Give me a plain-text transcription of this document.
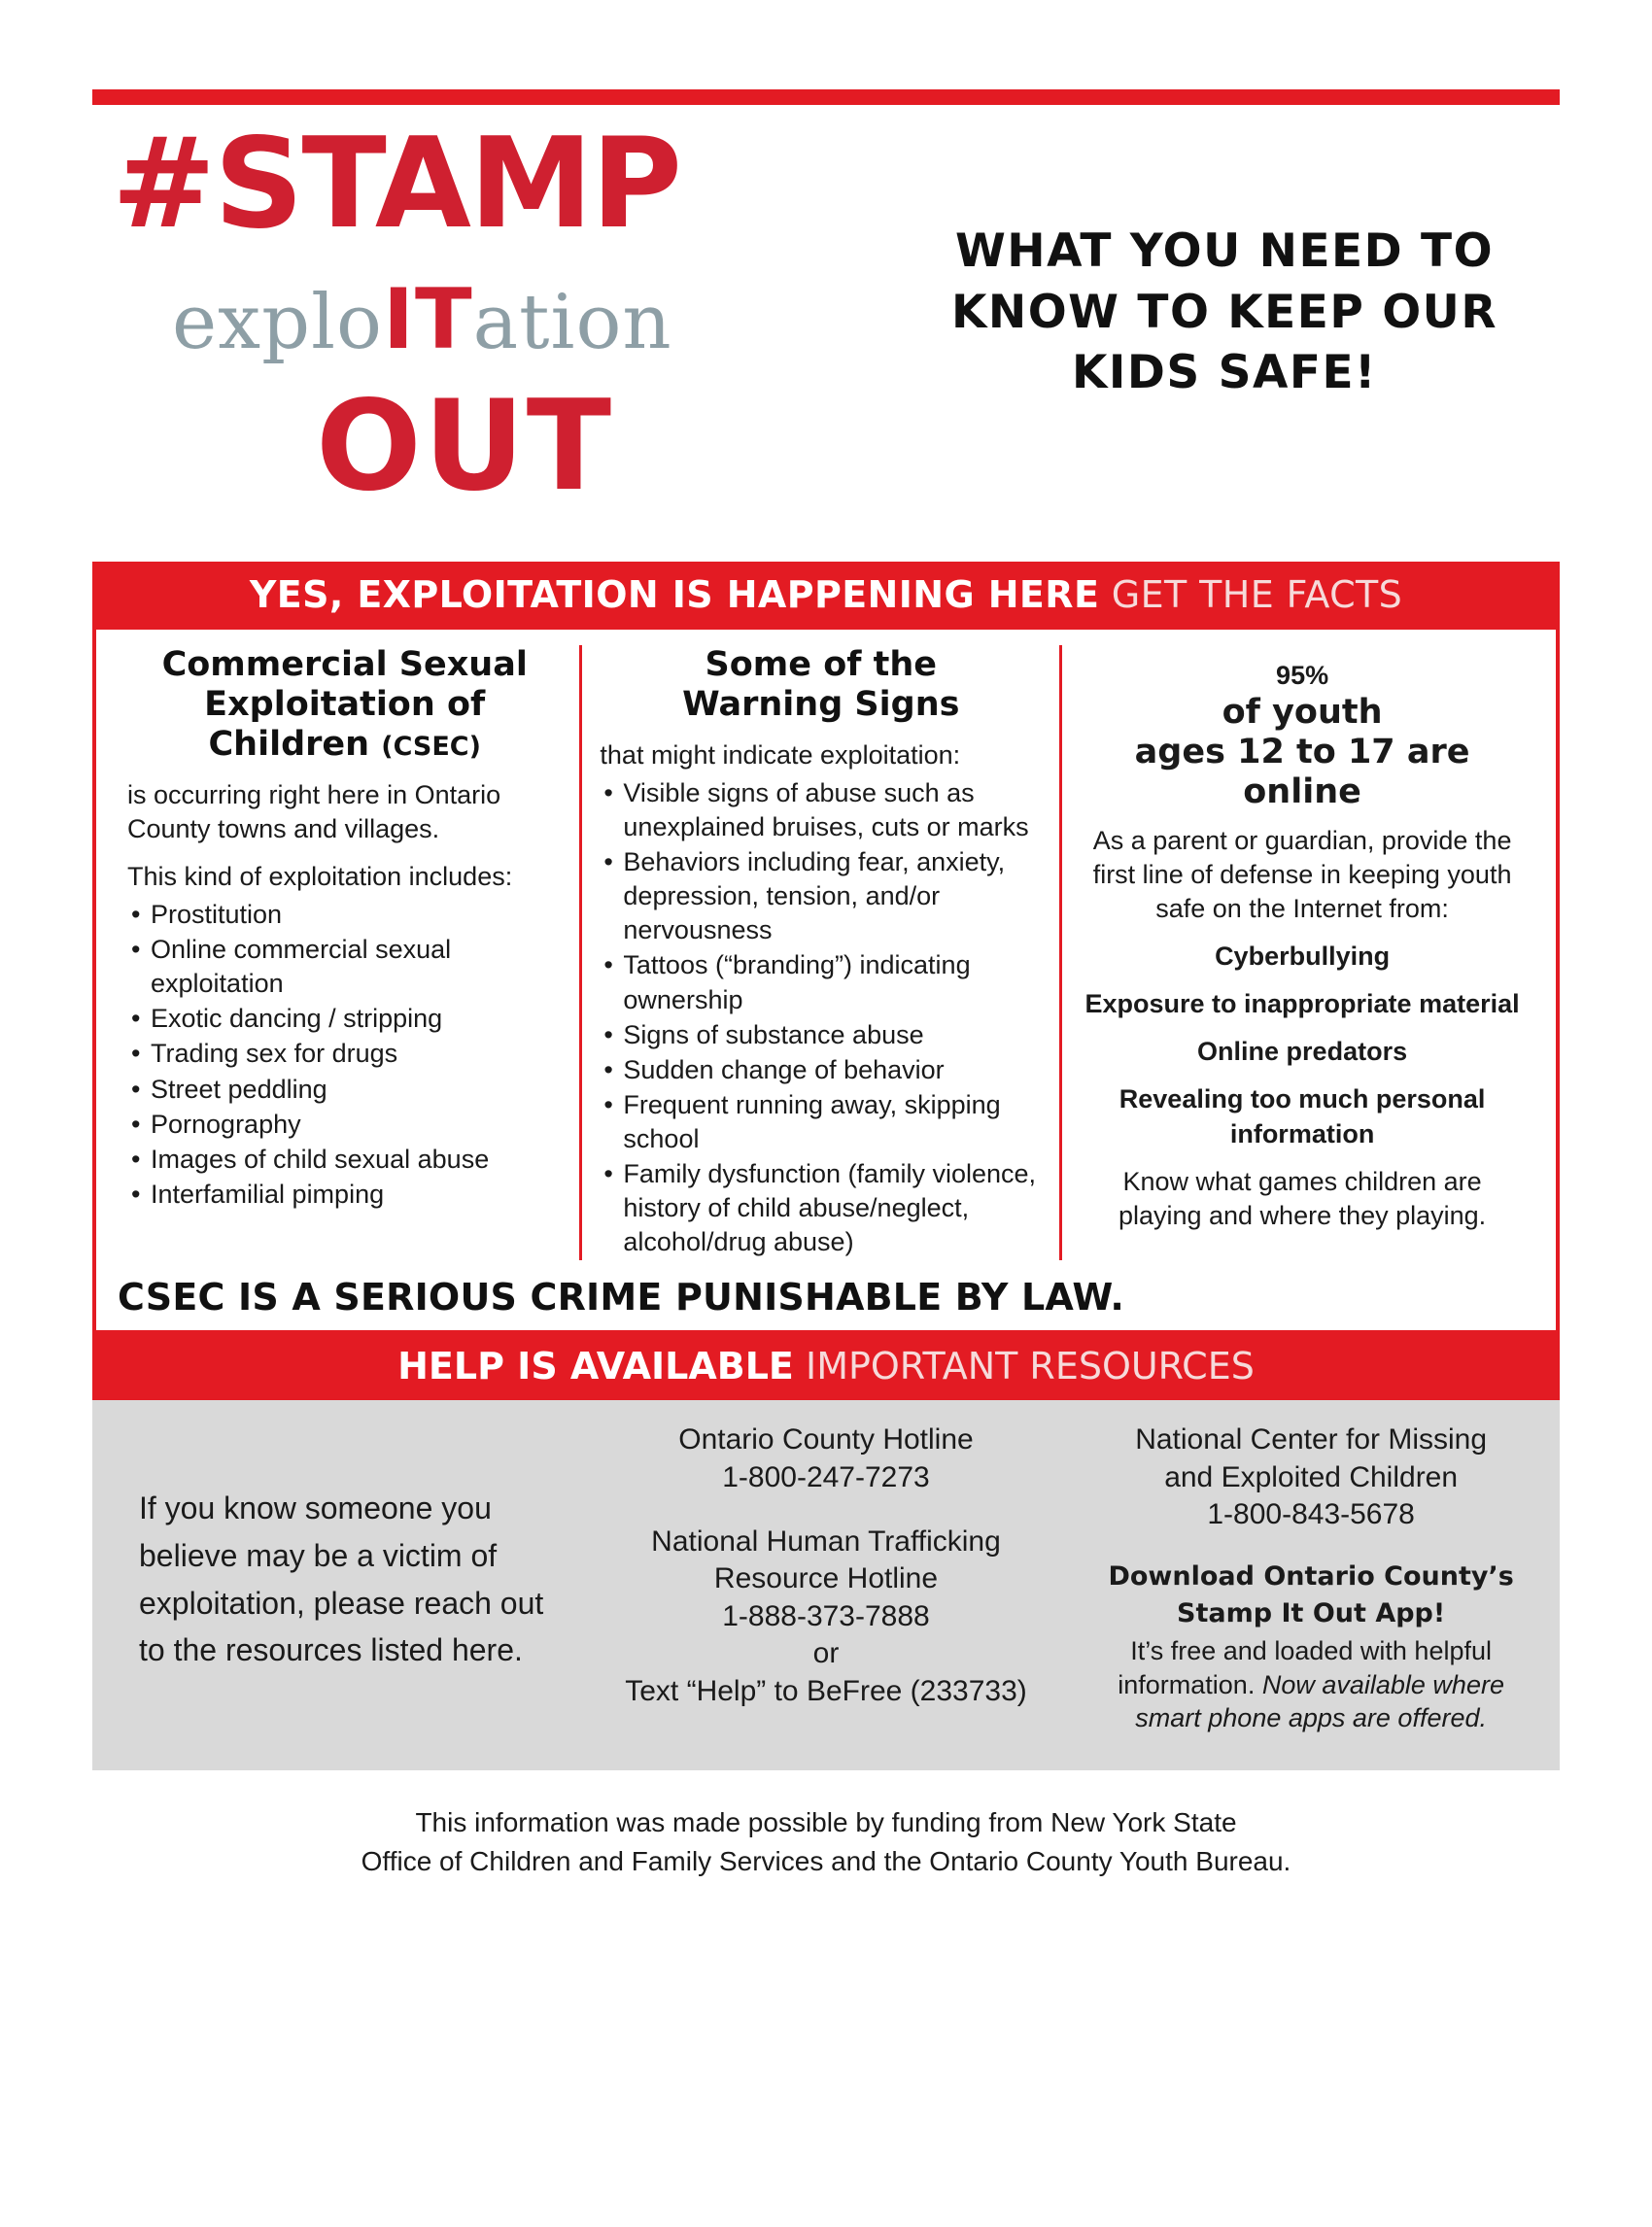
#STAMP
exploITation
OUT
WHAT YOU NEED TO KNOW TO KEEP OUR KIDS SAFE!
YES, EXPLOITATION IS HAPPENING HERE GET THE FACTS
Commercial Sexual
Exploitation of
Children (CSEC)

is occurring right here in Ontario County towns and villages.

This kind of exploitation includes:

• Prostitution
• Online commercial sexual exploitation
• Exotic dancing / stripping
• Trading sex for drugs
• Street peddling
• Pornography
• Images of child sexual abuse
• Interfamilial pimping
Some of the
Warning Signs

that might indicate exploitation:

• Visible signs of abuse such as unexplained bruises, cuts or marks
• Behaviors including fear, anxiety, depression, tension, and/or nervousness
• Tattoos (“branding”) indicating ownership
• Signs of substance abuse
• Sudden change of behavior
• Frequent running away, skipping school
• Family dysfunction (family violence, history of child abuse/neglect, alcohol/drug abuse)

95%

of youth
ages 12 to 17 are
online

As a parent or guardian, provide the first line of defense in keeping youth safe on the Internet from:

Cyberbullying

Exposure to inappropriate material

Online predators

Revealing too much personal information

Know what games children are playing and where they playing.

CSEC IS A SERIOUS CRIME PUNISHABLE BY LAW.
HELP IS AVAILABLE IMPORTANT RESOURCES

If you know someone you believe may be a victim of exploitation, please reach out to the resources listed here.

Ontario County Hotline
1-800-247-7273

National Human Trafficking Resource Hotline
1-888-373-7888
or
Text “Help” to BeFree (233733)

National Center for Missing
and Exploited Children
1-800-843-5678

Download Ontario County’s
Stamp It Out App!
It’s free and loaded with helpful information. Now available where smart phone apps are offered.
This information was made possible by funding from New York State
Office of Children and Family Services and the Ontario County Youth Bureau.
